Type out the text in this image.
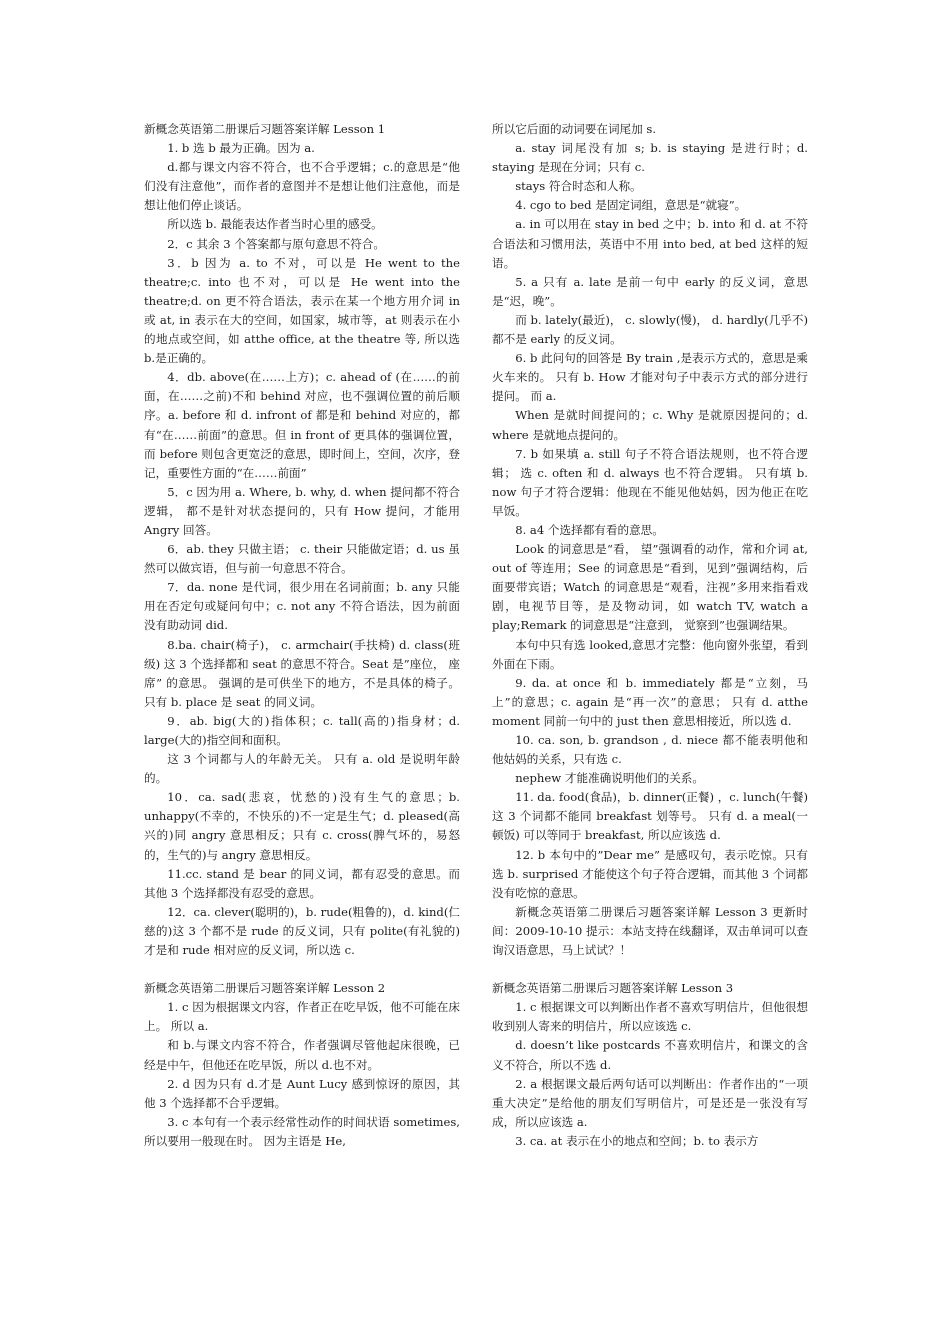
新概念英语第二册课后习题答案详解 Lesson 1
1. b 选 b 最为正确。因为 a.
d.都与课文内容不符合，也不合乎逻辑；c.的意思是“他们没有注意他”，而作者的意图并不是想让他们注意他，而是想让他们停止谈话。
所以选 b. 最能表达作者当时心里的感受。
2．c 其余 3 个答案都与原句意思不符合。
3．b 因为 a. to 不对，可以是 He went to the theatre;c. into 也不对，可以是 He went into the theatre;d. on 更不符合语法，表示在某一个地方用介词 in 或 at, in 表示在大的空间，如国家，城市等，at 则表示在小的地点或空间，如 atthe office, at the theatre 等, 所以选 b.是正确的。
4．db. above(在……上方)；c. ahead of (在……的前面，在……之前)不和 behind 对应，也不强调位置的前后顺序。a. before 和 d. infront of 都是和 behind 对应的，都有“在……前面”的意思。但 in front of 更具体的强调位置，而 before 则包含更宽泛的意思，即时间上，空间，次序，登记，重要性方面的“在……前面”
5．c 因为用 a. Where, b. why, d. when 提问都不符合逻辑， 都不是针对状态提问的，只有 How 提问，才能用 Angry 回答。
6．ab. they 只做主语； c. their 只能做定语；d. us 虽然可以做宾语，但与前一句意思不符合。
7．da. none 是代词，很少用在名词前面；b. any 只能用在否定句或疑问句中；c. not any 不符合语法，因为前面没有助动词 did.
8.ba. chair(椅子)， c. armchair(手扶椅) d. class(班级) 这 3 个选择都和 seat 的意思不符合。Seat 是”座位， 座席” 的意思。 强调的是可供坐下的地方，不是具体的椅子。 只有 b. place 是 seat 的同义词。
9．ab. big(大的)指体积；c. tall(高的)指身材；d. large(大的)指空间和面积。
这 3 个词都与人的年龄无关。 只有 a. old 是说明年龄的。
10．ca. sad(悲哀，忧愁的)没有生气的意思；b. unhappy(不幸的，不快乐的)不一定是生气；d. pleased(高兴的)同 angry 意思相反；只有 c. cross(脾气坏的，易怒的，生气的)与 angry 意思相反。
11.cc. stand 是 bear 的同义词，都有忍受的意思。而其他 3 个选择都没有忍受的意思。
12．ca. clever(聪明的)，b. rude(粗鲁的)，d. kind(仁慈的)这 3 个都不是 rude 的反义词，只有 polite(有礼貌的)才是和 rude 相对应的反义词，所以选 c.
新概念英语第二册课后习题答案详解 Lesson 2
1. c 因为根据课文内容，作者正在吃早饭，他不可能在床上。 所以 a.
和 b.与课文内容不符合，作者强调尽管他起床很晚，已经是中午，但他还在吃早饭，所以 d.也不对。
2. d 因为只有 d.才是 Aunt Lucy 感到惊讶的原因，其他 3 个选择都不合乎逻辑。
3. c 本句有一个表示经常性动作的时间状语 sometimes,所以要用一般现在时。 因为主语是 He,
所以它后面的动词要在词尾加 s.
a. stay 词尾没有加 s; b. is staying 是进行时；d. staying 是现在分词；只有 c.
stays 符合时态和人称。
4. cgo to bed 是固定词组，意思是“就寝”。
a. in 可以用在 stay in bed 之中；b. into 和 d. at 不符合语法和习惯用法，英语中不用 into bed, at bed 这样的短语。
5. a 只有 a. late 是前一句中 early 的反义词，意思是“迟，晚”。
而 b. lately(最近)， c. slowly(慢)， d. hardly(几乎不) 都不是 early 的反义词。
6. b 此问句的回答是 By train ,是表示方式的，意思是乘火车来的。 只有 b. How 才能对句子中表示方式的部分进行提问。 而 a.
When 是就时间提问的；c. Why 是就原因提问的；d. where 是就地点提问的。
7. b 如果填 a. still 句子不符合语法规则，也不符合逻辑； 选 c. often 和 d. always 也不符合逻辑。 只有填 b. now 句子才符合逻辑：他现在不能见他姑妈，因为他正在吃早饭。
8. a4 个选择都有看的意思。
Look 的词意思是“看， 望”强调看的动作，常和介词 at, out of 等连用；See 的词意思是“看到，见到”强调结构，后面要带宾语；Watch 的词意思是“观看，注视”多用来指看戏剧，电视节目等，是及物动词，如 watch TV, watch a play;Remark 的词意思是“注意到， 觉察到”也强调结果。
本句中只有选 looked,意思才完整：他向窗外张望，看到外面在下雨。
9. da. at once 和 b. immediately 都是“立刻，马上”的意思；c. again 是“再一次”的意思； 只有 d. atthe moment 同前一句中的 just then 意思相接近，所以选 d.
10. ca. son, b. grandson , d. niece 都不能表明他和他姑妈的关系，只有选 c.
nephew 才能准确说明他们的关系。
11. da. food(食品)，b. dinner(正餐) ，c. lunch(午餐) 这 3 个词都不能同 breakfast 划等号。 只有 d. a meal(一顿饭) 可以等同于 breakfast, 所以应该选 d.
12. b 本句中的”Dear me” 是感叹句，表示吃惊。只有选 b. surprised 才能使这个句子符合逻辑，而其他 3 个词都没有吃惊的意思。
新概念英语第二册课后习题答案详解 Lesson 3 更新时间：2009-10-10 提示：本站支持在线翻译，双击单词可以查询汉语意思，马上试试？！
新概念英语第二册课后习题答案详解 Lesson 3
1. c 根据课文可以判断出作者不喜欢写明信片，但他很想收到别人寄来的明信片，所以应该选 c.
d. doesn’t like postcards 不喜欢明信片，和课文的含义不符合，所以不选 d.
2. a 根据课文最后两句话可以判断出：作者作出的“一项重大决定”是给他的朋友们写明信片，可是还是一张没有写成，所以应该选 a.
3. ca. at 表示在小的地点和空间；b. to 表示方
